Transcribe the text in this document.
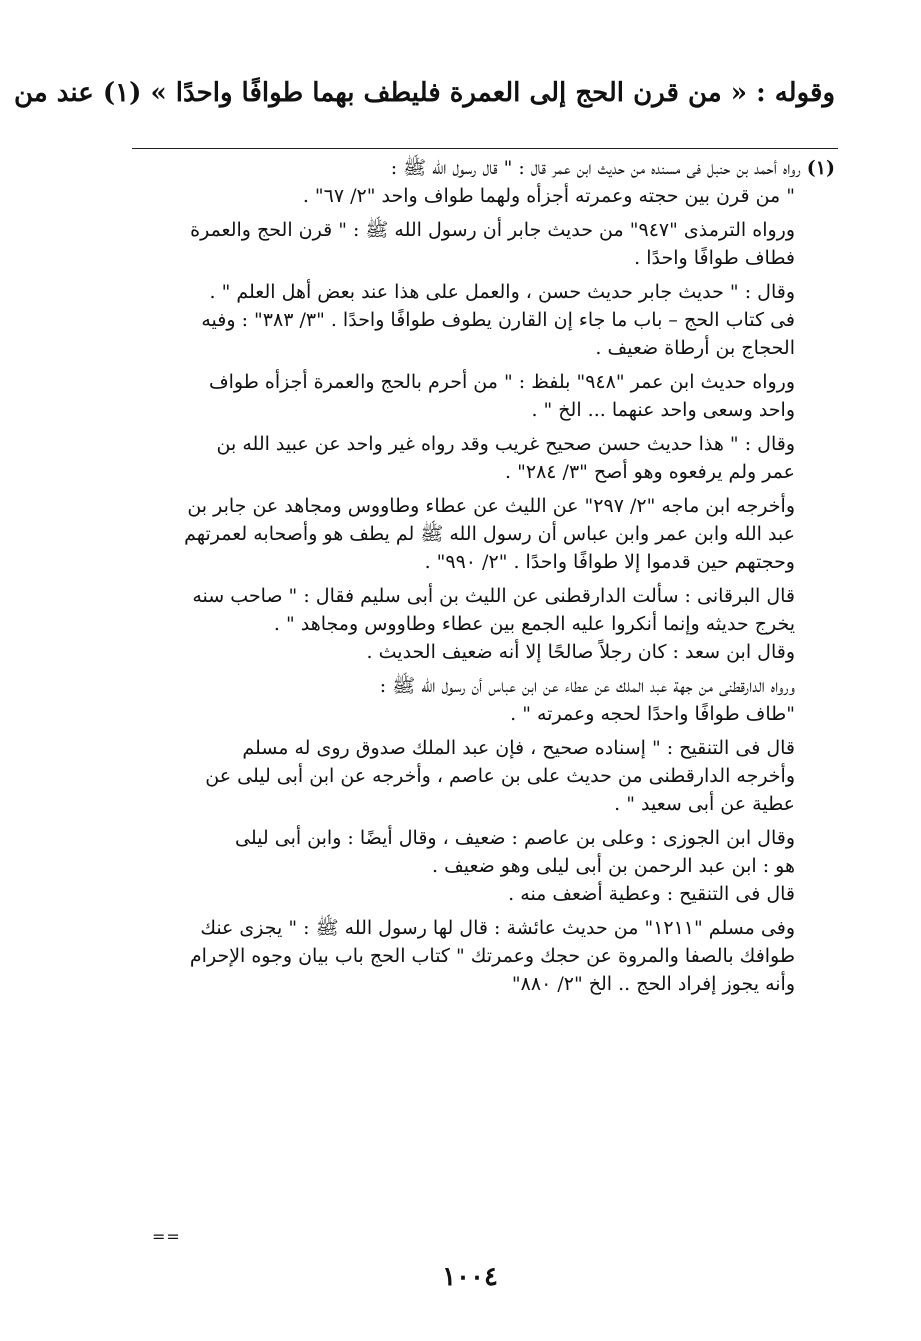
وقوله : « من قرن الحج إلى العمرة فليطف بهما طوافًا واحدًا » (١) عند من
(١)رواه أحمد بن حنبل فى مسنده من حديث ابن عمر قال : " قال رسول الله ﷺ :
" من قرن بين حجته وعمرته أجزأه ولهما طواف واحد "٢/ ٦٧" .
ورواه الترمذى "٩٤٧" من حديث جابر أن رسول الله ﷺ : " قرن الحج والعمرة
فطاف طوافًا واحدًا .
وقال : " حديث جابر حديث حسن ، والعمل على هذا عند بعض أهل العلم " .
فى كتاب الحج – باب ما جاء إن القارن يطوف طوافًا واحدًا . "٣/ ٣٨٣" : وفيه
الحجاج بن أرطاة ضعيف .
ورواه حديث ابن عمر "٩٤٨" بلفظ : " من أحرم بالحج والعمرة أجزأه طواف
واحد وسعى واحد عنهما ... الخ " .
وقال : " هذا حديث حسن صحيح غريب وقد رواه غير واحد عن عبيد الله بن
عمر ولم يرفعوه وهو أصح "٣/ ٢٨٤" .
وأخرجه ابن ماجه "٢/ ٢٩٧" عن الليث عن عطاء وطاووس ومجاهد عن جابر بن
عبد الله وابن عمر وابن عباس أن رسول الله ﷺ لم يطف هو وأصحابه لعمرتهم
وحجتهم حين قدموا إلا طوافًا واحدًا . "٢/ ٩٩٠" .
قال البرقانى : سألت الدارقطنى عن الليث بن أبى سليم فقال : " صاحب سنه
يخرج حديثه وإنما أنكروا عليه الجمع بين عطاء وطاووس ومجاهد " .
وقال ابن سعد : كان رجلاً صالحًا إلا أنه ضعيف الحديث .
ورواه الدارقطنى من جهة عبد الملك عن عطاء عن ابن عباس أن رسول الله ﷺ :
"طاف طوافًا واحدًا لحجه وعمرته " .
قال فى التنقيح : " إسناده صحيح ، فإن عبد الملك صدوق روى له مسلم
وأخرجه الدارقطنى من حديث على بن عاصم ، وأخرجه عن ابن أبى ليلى عن
عطية عن أبى سعيد " .
وقال ابن الجوزى : وعلى بن عاصم : ضعيف ، وقال أيضًا : وابن أبى ليلى
هو : ابن عبد الرحمن بن أبى ليلى وهو ضعيف .
قال فى التنقيح : وعطية أضعف منه .
وفى مسلم "١٢١١" من حديث عائشة : قال لها رسول الله ﷺ : " يجزى عنك
طوافك بالصفا والمروة عن حجك وعمرتك " كتاب الحج باب بيان وجوه الإحرام
وأنه يجوز إفراد الحج .. الخ "٢/ ٨٨٠"
==
١٠٠٤
